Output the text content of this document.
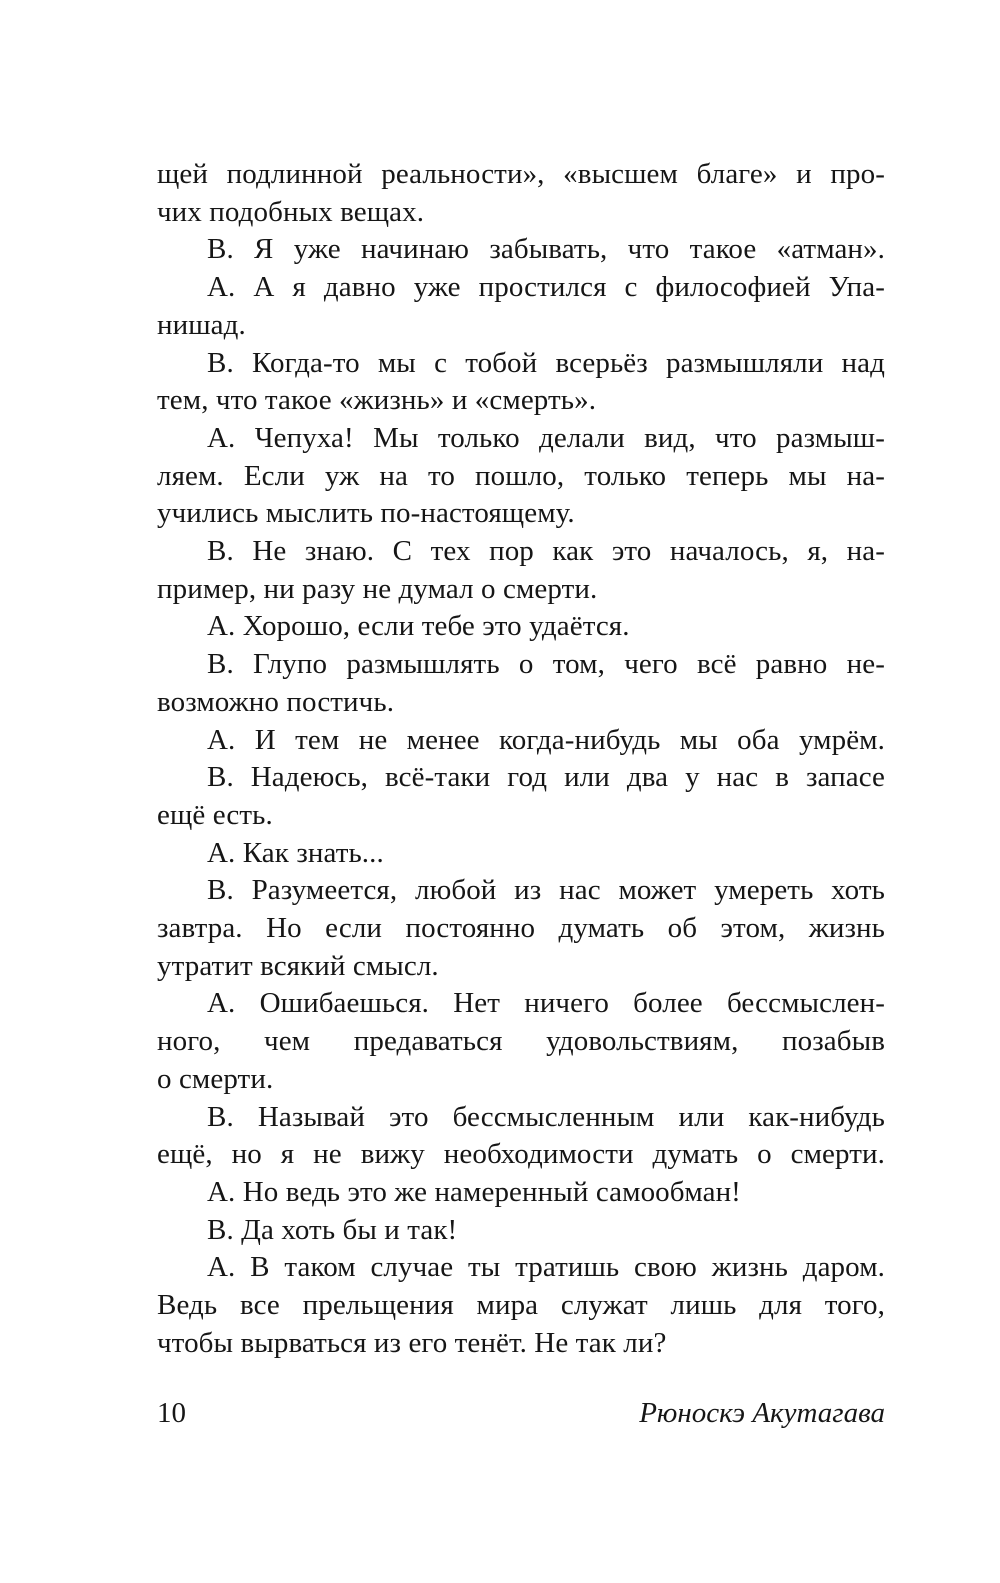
щей подлинной реальности», «высшем благе» и про-
чих подобных вещах.
В. Я уже начинаю забывать, что такое «атман».
А. А я давно уже простился с философией Упа-
нишад.
В. Когда-то мы с тобой всерьёз размышляли над
тем, что такое «жизнь» и «смерть».
А. Чепуха! Мы только делали вид, что размыш-
ляем. Если уж на то пошло, только теперь мы на-
учились мыслить по-настоящему.
В. Не знаю. С тех пор как это началось, я, на-
пример, ни разу не думал о смерти.
А. Хорошо, если тебе это удаётся.
В. Глупо размышлять о том, чего всё равно не-
возможно постичь.
А. И тем не менее когда-нибудь мы оба умрём.
В. Надеюсь, всё-таки год или два у нас в запасе
ещё есть.
А. Как знать...
В. Разумеется, любой из нас может умереть хоть
завтра. Но если постоянно думать об этом, жизнь
утратит всякий смысл.
А. Ошибаешься. Нет ничего более бессмыслен-
ного, чем предаваться удовольствиям, позабыв
о смерти.
В. Называй это бессмысленным или как-нибудь
ещё, но я не вижу необходимости думать о смерти.
А. Но ведь это же намеренный самообман!
В. Да хоть бы и так!
А. В таком случае ты тратишь свою жизнь даром.
Ведь все прельщения мира служат лишь для того,
чтобы вырваться из его тенёт. Не так ли?
10	Рюноскэ Акутагава
